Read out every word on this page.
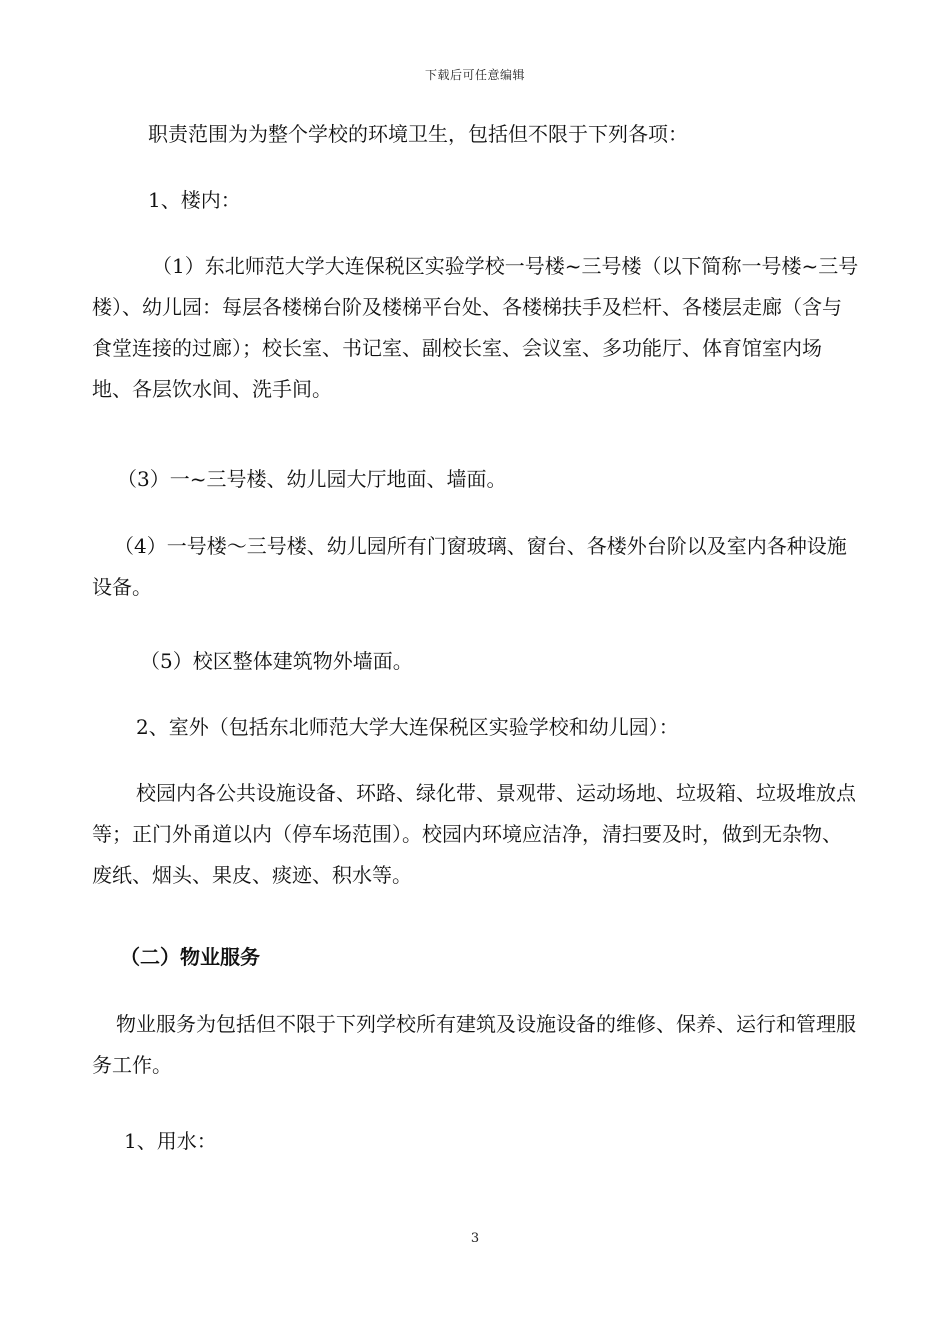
下载后可任意编辑
职责范围为为整个学校的环境卫生，包括但不限于下列各项：
1、楼内：
（1）东北师范大学大连保税区实验学校一号楼~三号楼（以下简称一号楼~三号楼）、幼儿园：每层各楼梯台阶及楼梯平台处、各楼梯扶手及栏杆、各楼层走廊（含与食堂连接的过廊）；校长室、书记室、副校长室、会议室、多功能厅、体育馆室内场地、各层饮水间、洗手间。
（3）一~三号楼、幼儿园大厅地面、墙面。
（4）一号楼～三号楼、幼儿园所有门窗玻璃、窗台、各楼外台阶以及室内各种设施设备。
（5）校区整体建筑物外墙面。
2、室外（包括东北师范大学大连保税区实验学校和幼儿园）：
校园内各公共设施设备、环路、绿化带、景观带、运动场地、垃圾箱、垃圾堆放点等；正门外甬道以内（停车场范围）。校园内环境应洁净，清扫要及时，做到无杂物、废纸、烟头、果皮、痰迹、积水等。
（二）物业服务
物业服务为包括但不限于下列学校所有建筑及设施设备的维修、保养、运行和管理服务工作。
1、用水：
3
